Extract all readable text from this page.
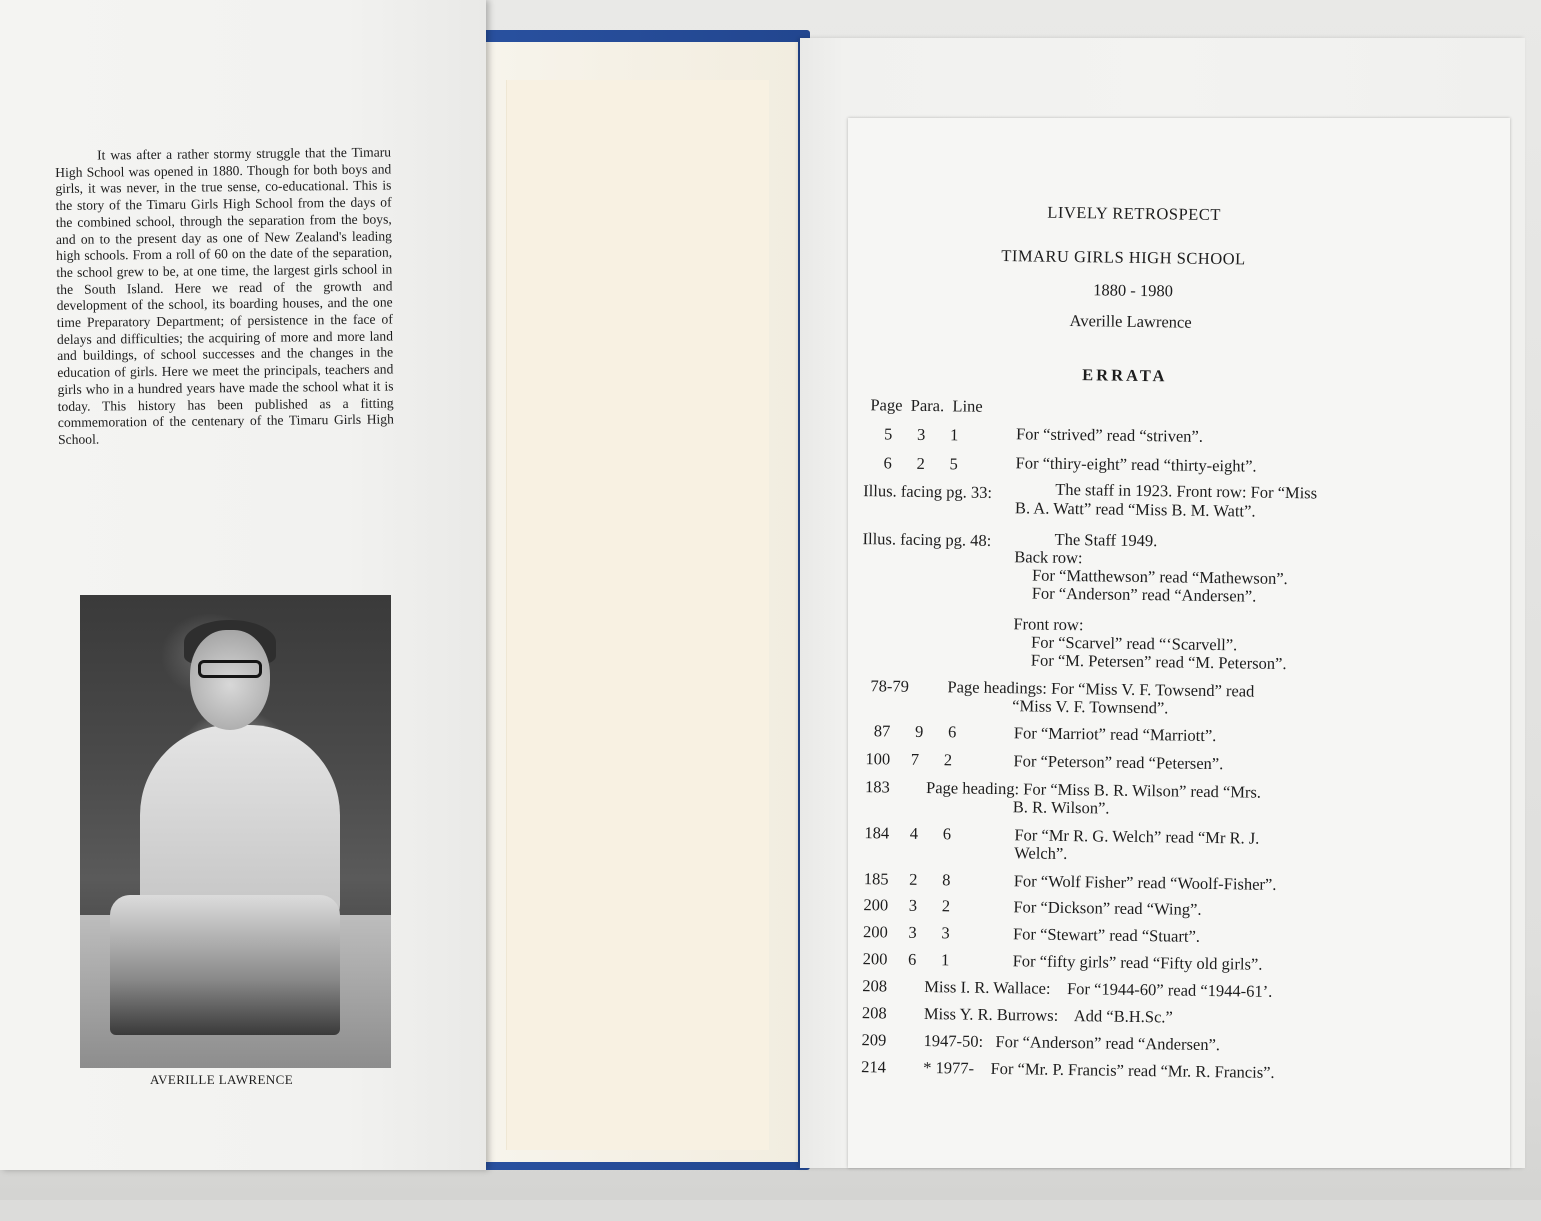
It was after a rather stormy struggle that the Timaru High School was opened in 1880. Though for both boys and girls, it was never, in the true sense, co-educational. This is the story of the Timaru Girls High School from the days of the combined school, through the separation from the boys, and on to the present day as one of New Zealand's leading high schools. From a roll of 60 on the date of the separation, the school grew to be, at one time, the largest girls school in the South Island. Here we read of the growth and development of the school, its boarding houses, and the one time Preparatory Department; of persistence in the face of delays and difficulties; the acquiring of more and more land and buildings, of school successes and the changes in the education of girls. Here we meet the principals, teachers and girls who in a hundred years have made the school what it is today. This history has been published as a fitting commemoration of the centenary of the Timaru Girls High School.

AVERILLE LAWRENCE
LIVELY RETROSPECT
TIMARU GIRLS HIGH SCHOOL
1880 - 1980
Averille Lawrence
ERRATA
Page  Para.  Line
5      3      1	For “strived” read “striven”.
6      2      5	For “thiry-eight” read “thirty-eight”.
Illus. facing pg. 33:	The staff in 1923. Front row: For “Miss
B. A. Watt” read “Miss B. M. Watt”.
Illus. facing pg. 48:	The Staff 1949.
Back row:
For “Matthewson” read “Mathewson”.
For “Anderson” read “Andersen”.
Front row:
For “Scarvel” read “‘Scarvell”.
For “M. Petersen” read “M. Peterson”.
78-79 Page headings: For “Miss V. F. Towsend” read
“Miss V. F. Townsend”.
87      9      6	For “Marriot” read “Marriott”.
100     7      2	For “Peterson” read “Petersen”.
183 Page heading: For “Miss B. R. Wilson” read “Mrs.
B. R. Wilson”.
184     4      6	For “Mr R. G. Welch” read “Mr R. J.
Welch”.
185     2      8	For “Wolf Fisher” read “Woolf-Fisher”.
200     3      2	For “Dickson” read “Wing”.
200     3      3	For “Stewart” read “Stuart”.
200     6      1	For “fifty girls” read “Fifty old girls”.
208 Miss I. R. Wallace:    For “1944-60” read “1944-61’.
208 Miss Y. R. Burrows:    Add “B.H.Sc.”
209 1947-50:   For “Anderson” read “Andersen”.
214 * 1977-    For “Mr. P. Francis” read “Mr. R. Francis”.
